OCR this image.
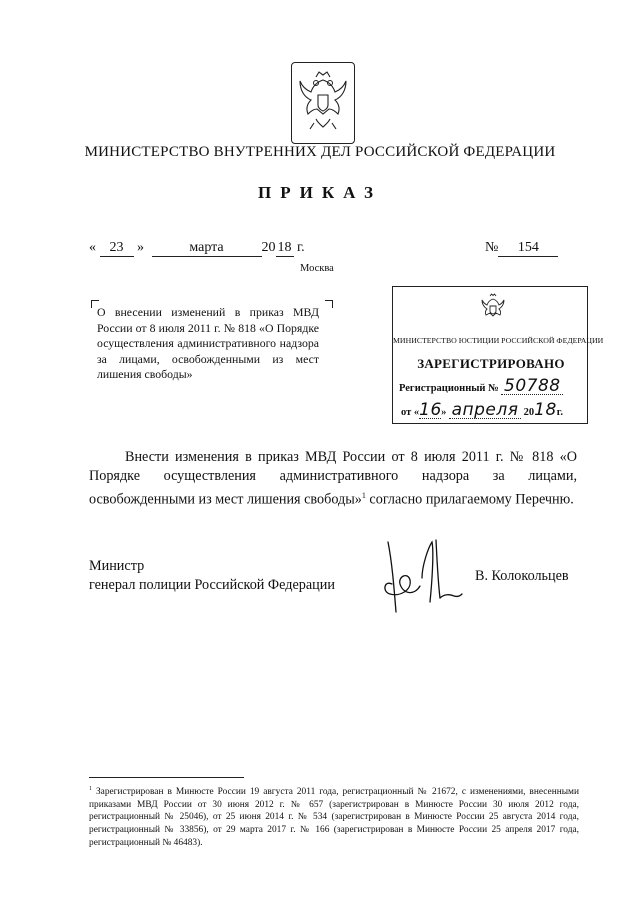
МИНИСТЕРСТВО ВНУТРЕННИХ ДЕЛ РОССИЙСКОЙ ФЕДЕРАЦИИ
ПРИКАЗ
« 23 »	марта	20 18 г.
Москва
№ 154
О внесении изменений в приказ МВД России от 8 июля 2011 г. № 818 «О Порядке осуществления административного надзора за лицами, освобожденными из мест лишения свободы»
МИНИСТЕРСТВО ЮСТИЦИИ РОССИЙСКОЙ ФЕДЕРАЦИИ
ЗАРЕГИСТРИРОВАНО
Регистрационный № 50788
от «16» апреля 2018г.

Внести изменения в приказ МВД России от 8 июля 2011 г. № 818 «О Порядке осуществления административного надзора за лицами, освобожденными из мест лишения свободы»$^1$ согласно прилагаемому Перечню.

Министр
генерал полиции Российской Федерации
В. Колокольцев
$^1$ Зарегистрирован в Минюсте России 19 августа 2011 года, регистрационный № 21672, с изменениями, внесенными приказами МВД России от 30 июня 2012 г. № 657 (зарегистрирован в Минюсте России 30 июля 2012 года, регистрационный № 25046), от 25 июня 2014 г. № 534 (зарегистрирован в Минюсте России 25 августа 2014 года, регистрационный № 33856), от 29 марта 2017 г. № 166 (зарегистрирован в Минюсте России 25 апреля 2017 года, регистрационный № 46483).
